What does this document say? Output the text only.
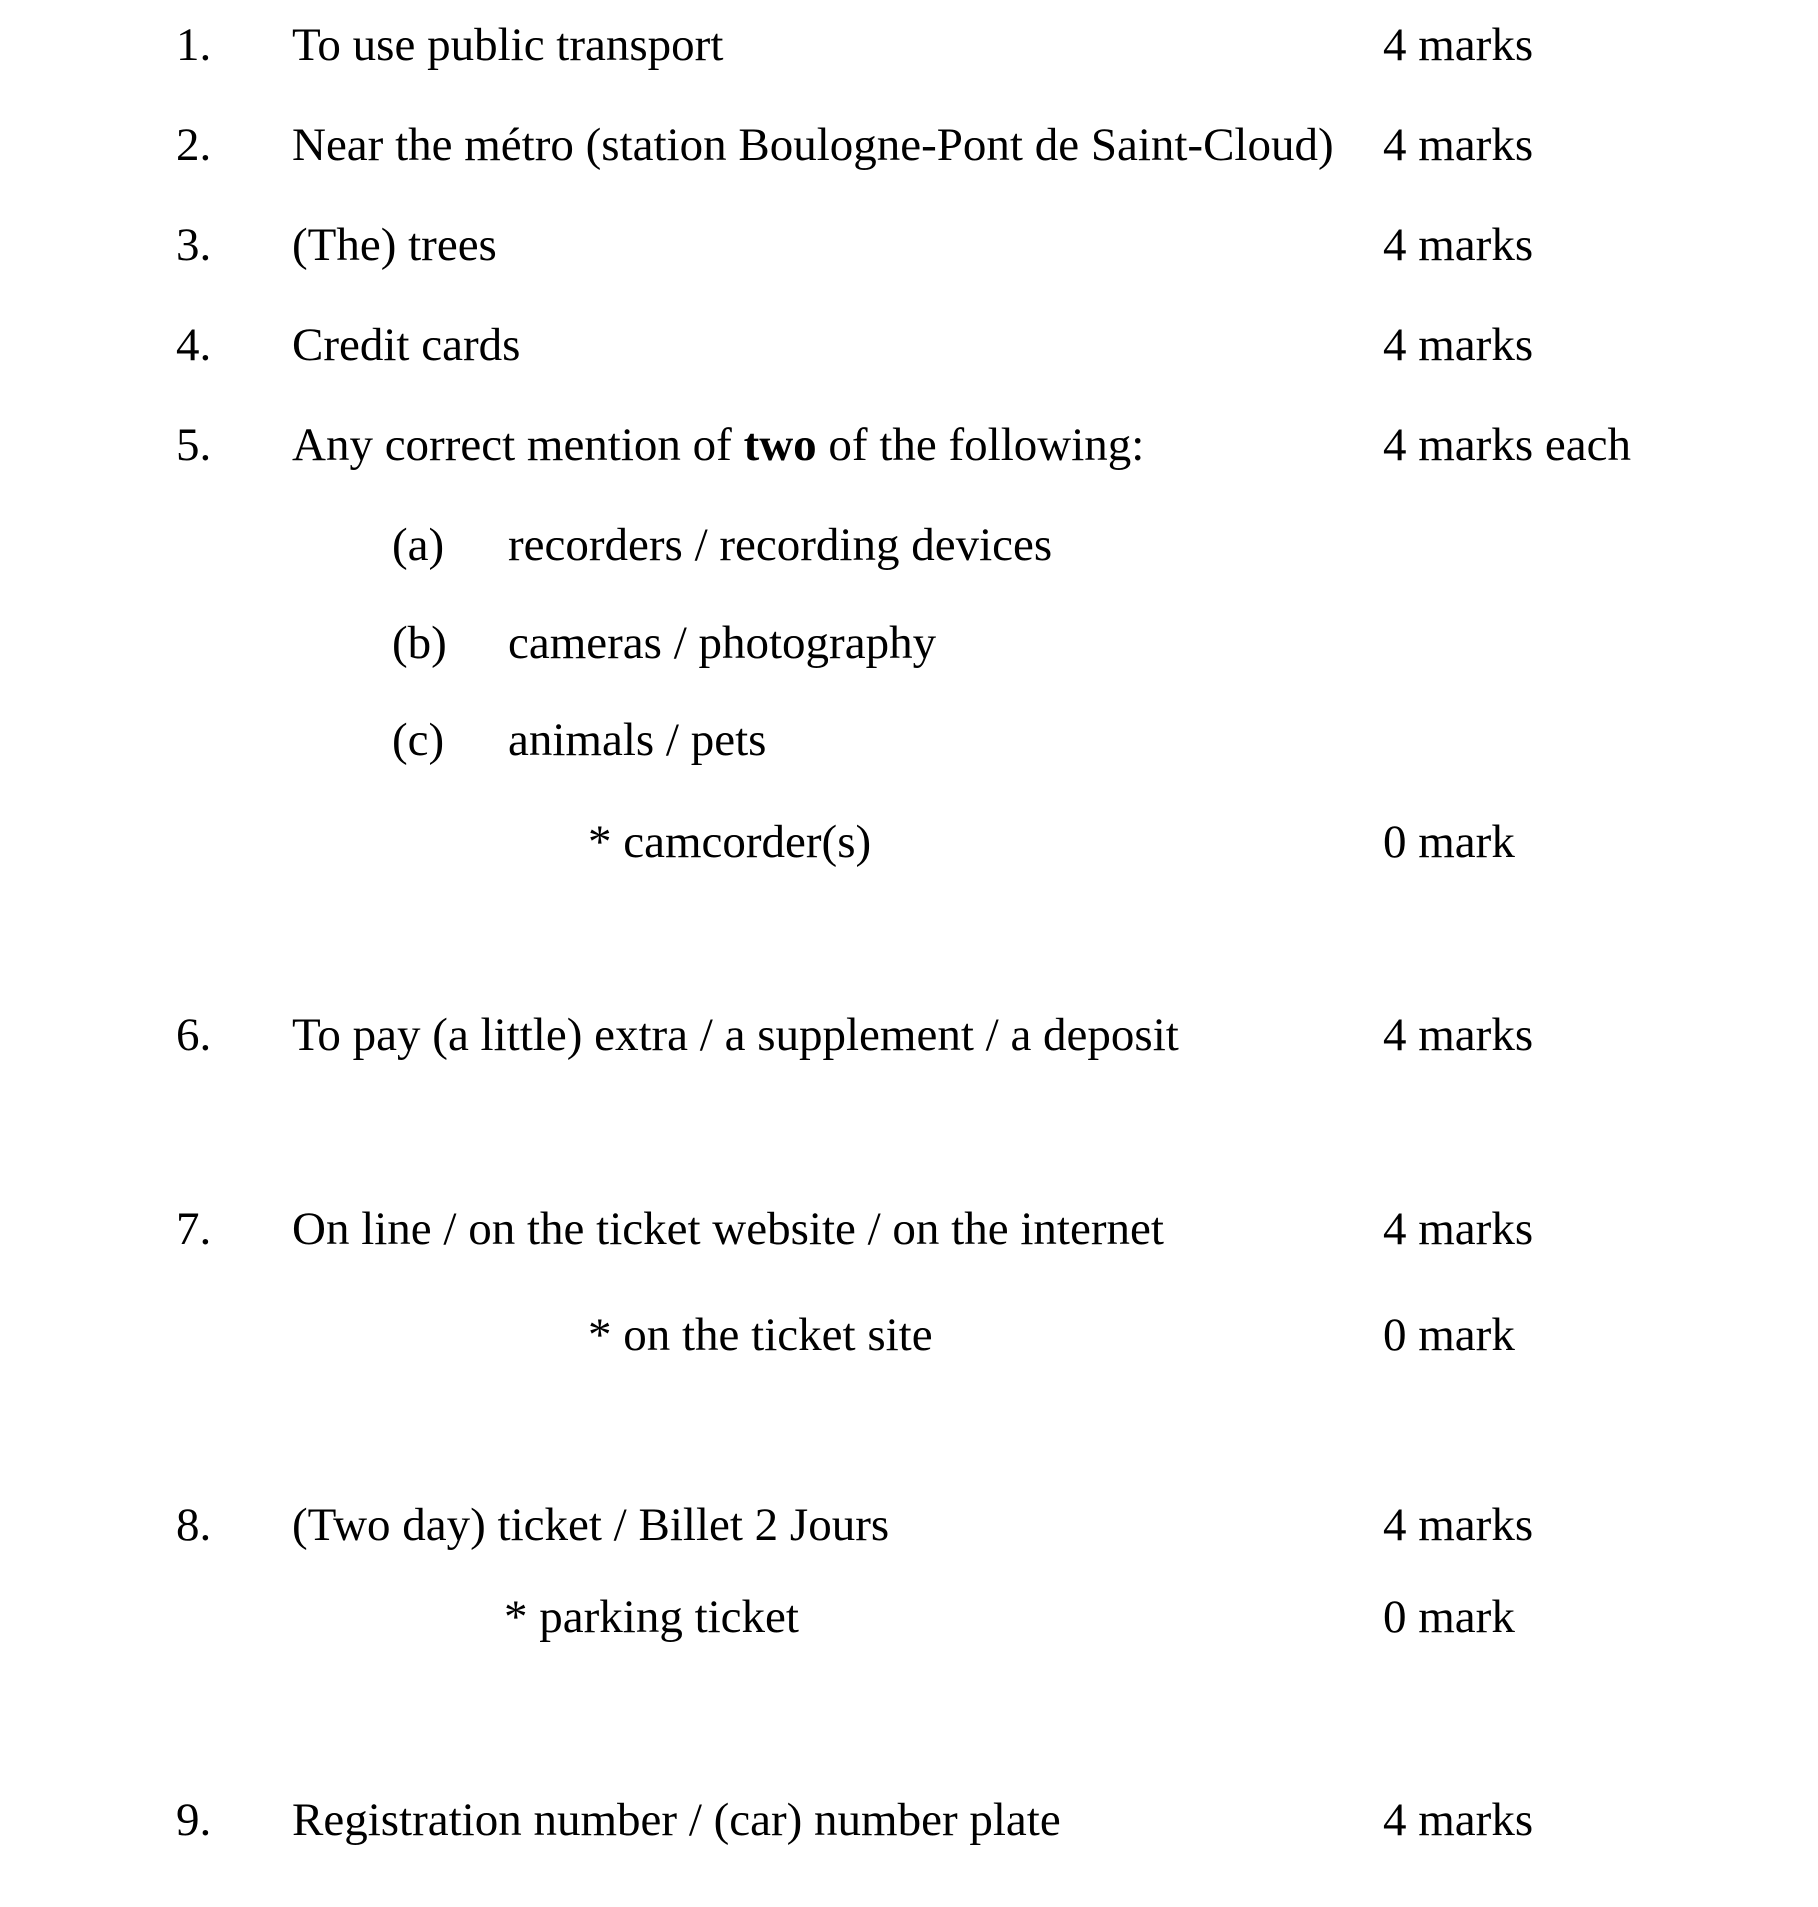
1. To use public transport	4 marks
2. Near the métro (station Boulogne-Pont de Saint-Cloud) 4 marks
3. (The) trees	4 marks
4. Credit cards	4 marks
5. Any correct mention of two of the following:	4 marks each
(a) recorders / recording devices
(b) cameras / photography
(c) animals / pets
* camcorder(s)	0 mark
6. To pay (a little) extra / a supplement / a deposit	4 marks
7. On line / on the ticket website / on the internet	4 marks
* on the ticket site	0 mark
8. (Two day) ticket / Billet 2 Jours	4 marks
* parking ticket	0 mark
9. Registration number / (car) number plate	4 marks
